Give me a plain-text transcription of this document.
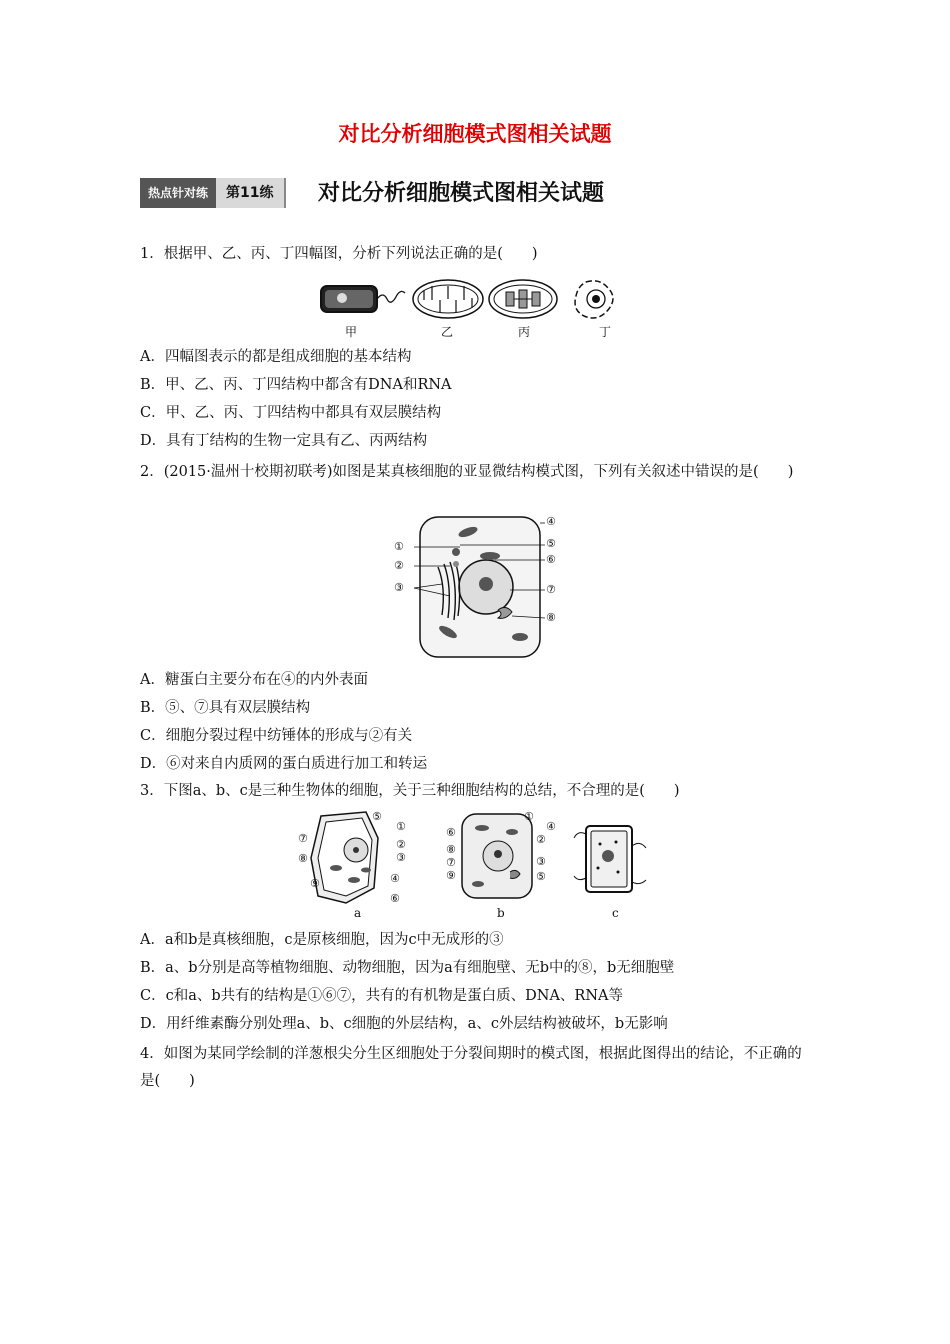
对比分析细胞模式图相关试题
热点针对练	第11练	对比分析细胞模式图相关试题
1．根据甲、乙、丙、丁四幅图，分析下列说法正确的是(　　)
甲	乙	丙	丁
A．四幅图表示的都是组成细胞的基本结构
B．甲、乙、丙、丁四结构中都含有DNA和RNA
C．甲、乙、丙、丁四结构中都具有双层膜结构
D．具有丁结构的生物一定具有乙、丙两结构
2．(2015·温州十校期初联考)如图是某真核细胞的亚显微结构模式图，下列有关叙述中错误的是(　　)
①
②
③
④
⑤
⑥
⑦
⑧
A．糖蛋白主要分布在④的内外表面
B．⑤、⑦具有双层膜结构
C．细胞分裂过程中纺锤体的形成与②有关
D．⑥对来自内质网的蛋白质进行加工和转运
3．下图a、b、c是三种生物体的细胞，关于三种细胞结构的总结，不合理的是(　　)
⑤
①
②
③
④
⑥
⑦
⑧
⑨
a
①
④
②
③
⑤
⑥
⑧
⑦
⑨
b	c
A．a和b是真核细胞，c是原核细胞，因为c中无成形的③
B．a、b分别是高等植物细胞、动物细胞，因为a有细胞壁、无b中的⑧，b无细胞壁
C．c和a、b共有的结构是①⑥⑦，共有的有机物是蛋白质、DNA、RNA等
D．用纤维素酶分别处理a、b、c细胞的外层结构，a、c外层结构被破坏，b无影响
4．如图为某同学绘制的洋葱根尖分生区细胞处于分裂间期时的模式图，根据此图得出的结论，不正确的是(　　)
